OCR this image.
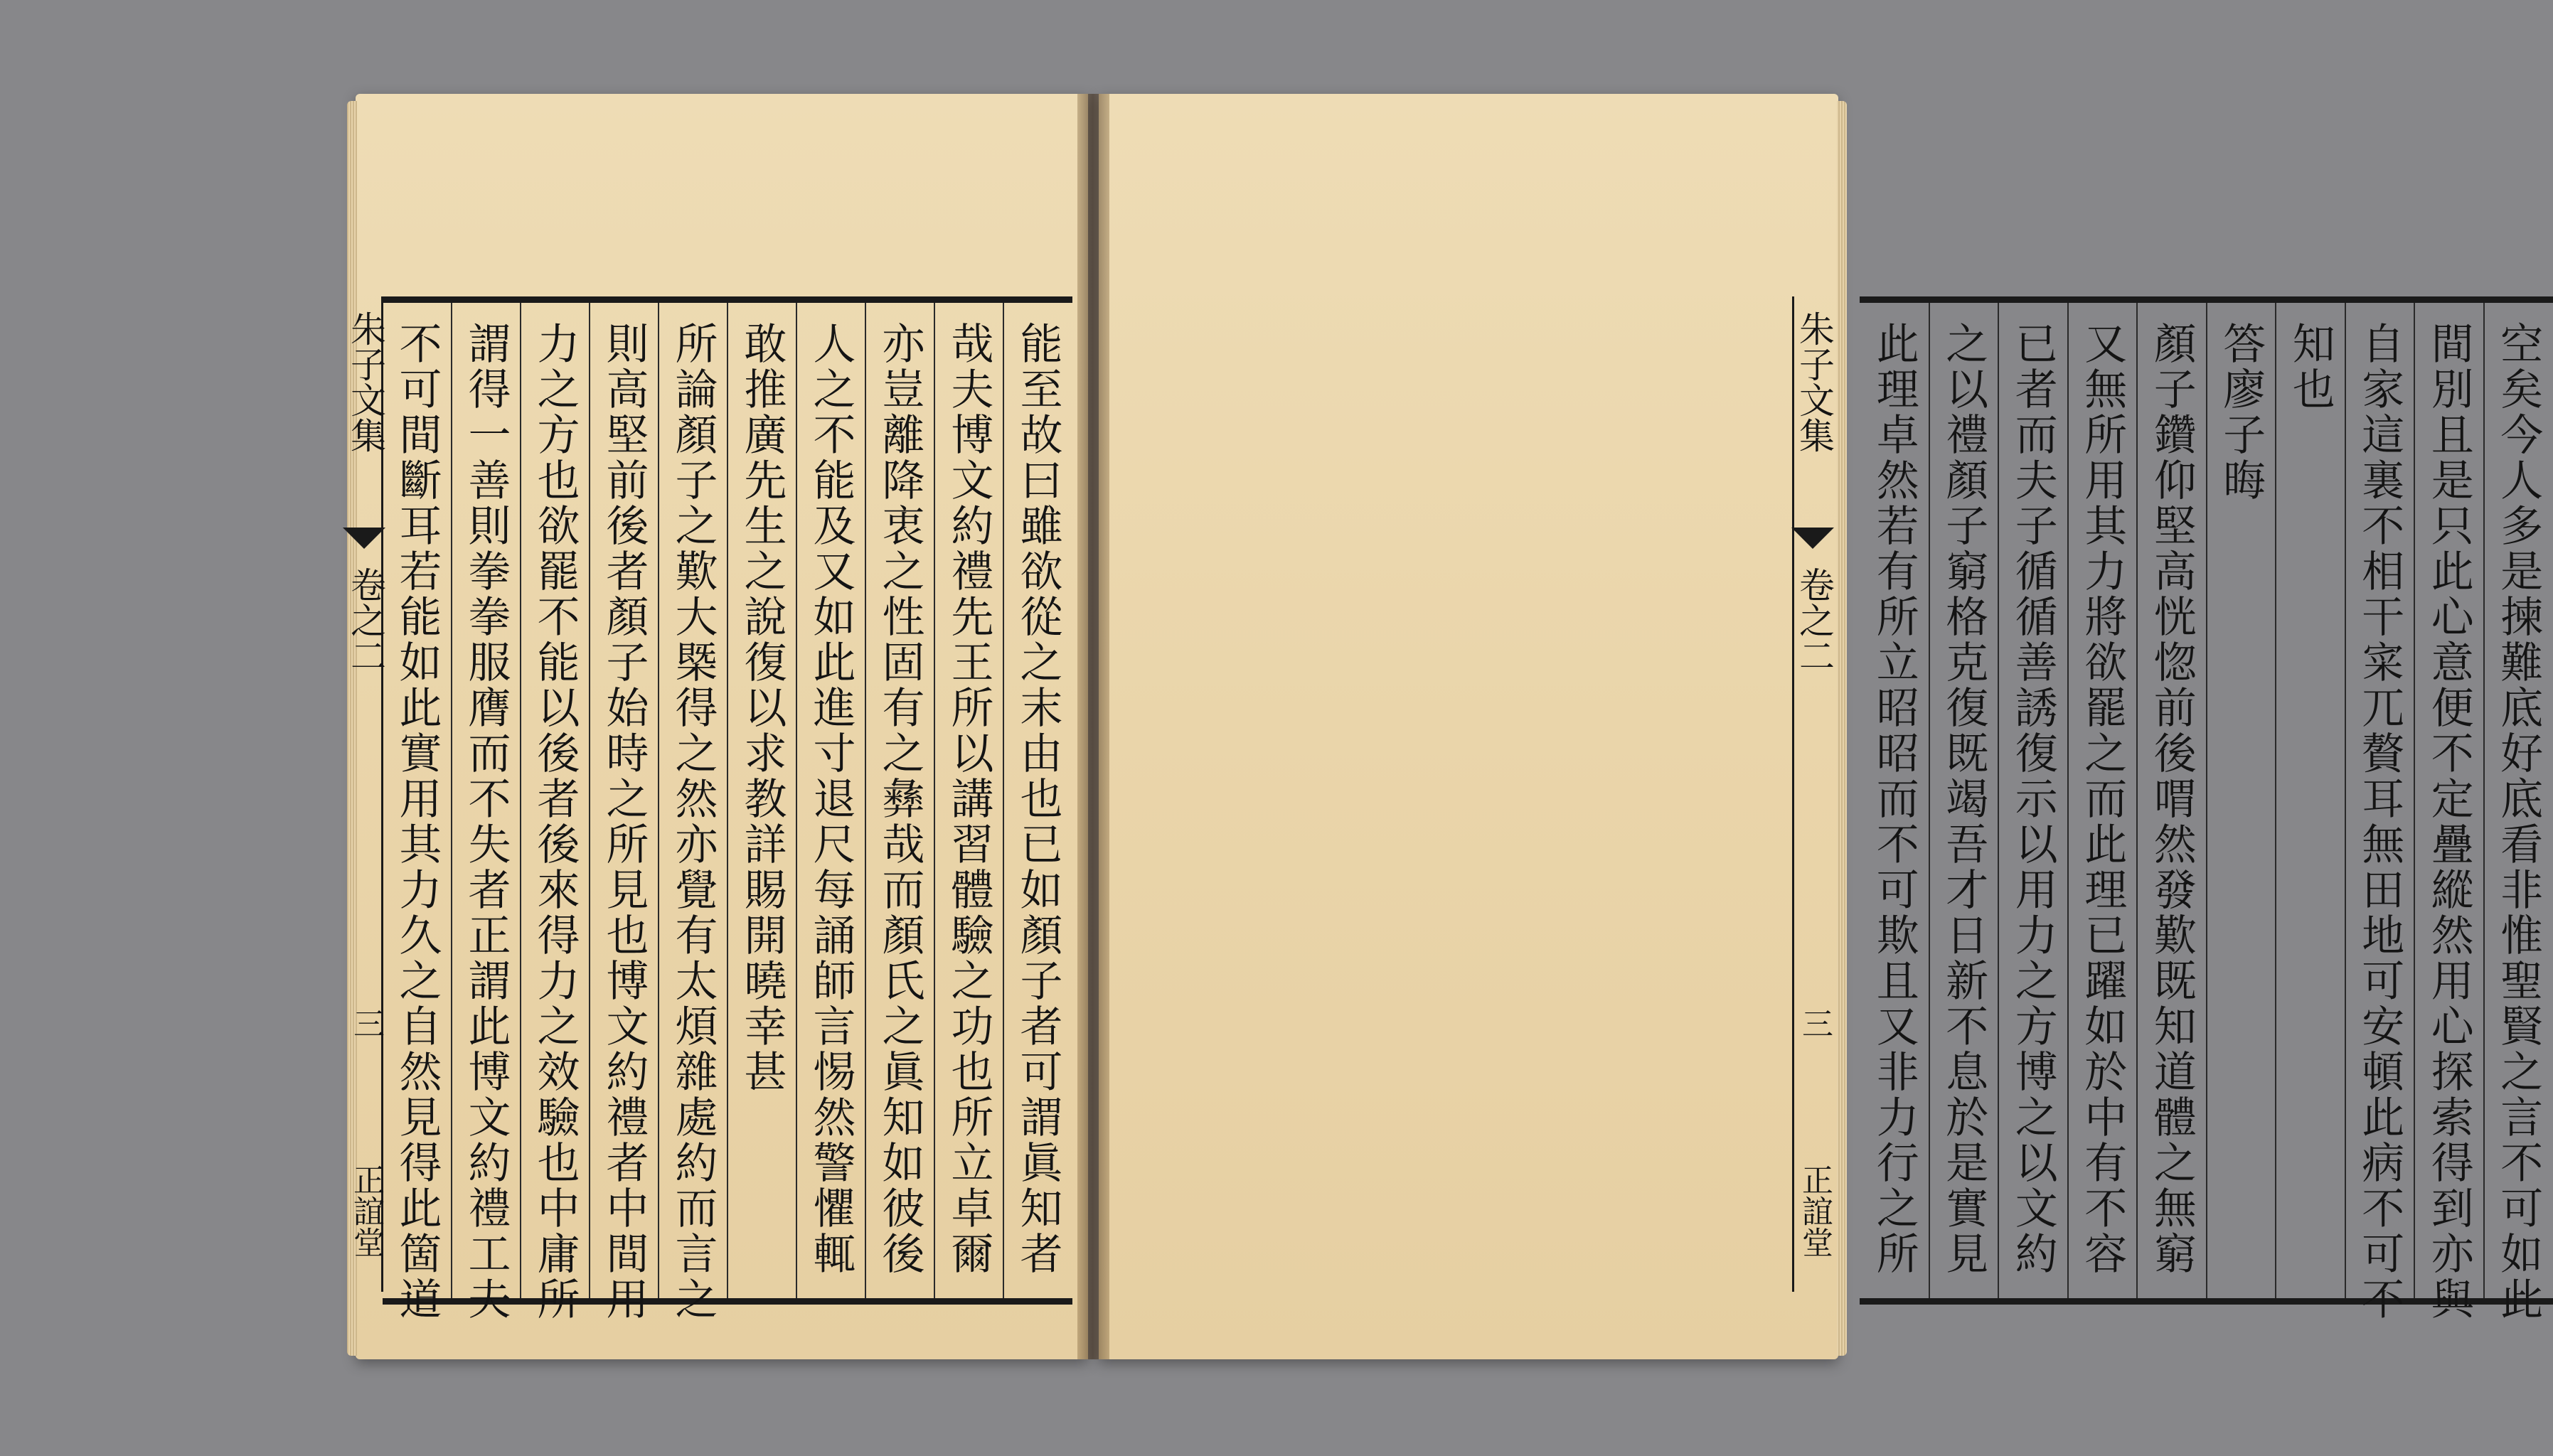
能至故曰雖欲從之末由也已如顏子者可謂眞知者
哉夫博文約禮先王所以講習體驗之功也所立卓爾
亦豈離降衷之性固有之彝哉而顏氏之眞知如彼後
人之不能及又如此進寸退尺每誦師言惕然警懼輒
敢推廣先生之說復以求教詳賜開曉幸甚
所論顏子之歎大槩得之然亦覺有太煩雜處約而言之
則高堅前後者顏子始時之所見也博文約禮者中間用
力之方也欲罷不能以後者後來得力之效驗也中庸所
謂得一善則拳拳服膺而不失者正謂此博文約禮工夫
不可間斷耳若能如此實用其力久之自然見得此箇道
朱子文集
卷之二
三
正誼堂	空矣今人多是揀難底好底看非惟聖賢之言不可如此
間別且是只此心意便不定疊縱然用心探索得到亦與
自家這裏不相干寀兀贅耳無田地可安頓此病不可不
知也
答廖子晦
顏子鑽仰堅高恍惚前後喟然發歎既知道體之無窮
又無所用其力將欲罷之而此理已躍如於中有不容
已者而夫子循循善誘復示以用力之方博之以文約
之以禮顏子窮格克復既竭吾才日新不息於是實見
此理卓然若有所立昭昭而不可欺且又非力行之所
朱子文集
卷之二
三
正誼堂
